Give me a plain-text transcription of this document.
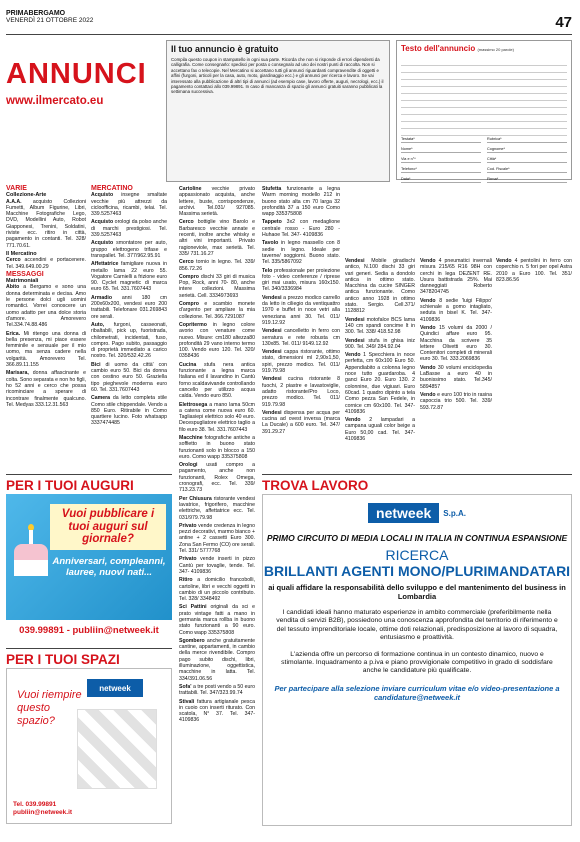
PRIMABERGAMO
VENERDÌ 21 OTTOBRE 2022	47
ANNUNCI
www.ilmercato.eu
Il tuo annuncio è gratuito
Compila questo coupon in stampatello in ogni sua parte. Ricorda che non si risponde di errori dipendenti da calligrafia. Come consegnarlo: spedisci per posta o consegnalo ad uno dei nostri punti di raccolta. Non si accettano fax o telecopie. Nel Mercatino si accettano tutti gli annunci riguardanti compravendite di oggetti e affini (furgoni, articoli per la casa, auto, moto, giardinaggio ecc.) e gli annunci per ricerca e lavoro. Se vai interessato alla pubblicazione di altri tipi di annunci (ad esempio case, lavoro offerte, auguri, necrologi, ecc.) il pagamento contattaci allo 039.99891. In caso di mancanza di spazio gli annunci gratuiti saranno pubblicati la settimana successiva.
Testo dell'annuncio (massimo 20 parole)
Testata*	Rubrica*
Nome*	Cognome*
Via e n°*	Città*
Telefono*	Cod. Fiscale*
Data*	Firma*
VARIE
Collezione-Arte

A.A.A. acquisto Collezioni Fumetti, Album Figurine, Libri, Macchine Fotografiche Lego, DVD, Modellini Auto, Robot Giapponesi, Trenini, Soldatini, riviste ecc. ritiro in città, pagamento in contanti. Tel. 328/ 771.70.61.

Il Mercatino

Cerco accendini e portacenere. Tel. 349.649.00.29

MESSAGGI
Matrimoniali

Abito a Bergamo e sono una donna determinata e decisa. Amo le persone dolci ugli uomini romantici. Vorrei conoscere un uomo adatto per una dolce storia d'amore. Amorevero Tel.334.74.88.486

Erica. Mi ritengo una donna di bella presenza, mi piace essere femminile e sensuale per il mio uomo, ma senza cadere nella volgarità. Amorevero Tel. 366.89.11.155

Marisara, donna affascinante e colta. Sono separata e non ho figli, ho 52 anni e cerco che possa ricominciare a sperare di incontrare finalmente qualcuno. Tel. Medyas 333.12.31.563

MERCATINO

Acquisto insegne smaltate vecchie più attrezzi da cicloofficina, ricambi, telai. Tel. 339.5257463

Acquisto orologi da polso anche di marchi prestigiosi. Tel. 339.5257463

Acquisto smontatore per auto, gruppo elettrogeno trifase e transpallet. Tel. 377/962.95.91

Affettatrice famigliare nuova in metallo lama 22 euro 55. Vogatore Carnielli a frizione euro 90. Cyclet magnetic di marca euro 65. Tel. 331.7607443

Armadio anni 180 cm 200x60x200, vendesi euro 200 trattabili. Telefonare 031.269843 ore serali.

Auto, furgoni, casseonati, ribaltabili, pick up, fuoristrada, chilometrati, incidentati, fuso, compro. Pago subito, passaggio di proprietà immediato a carico nostro. Tel. 320/532.42.26

Bici di uomo da città' con cambio euro 50. Bici da donna con cestino euro 50. Graziella tipo pieghevole moderna euro 60. Tel. 331.7607443

Camera da letto completa stile Como stile chippendale. Vendo a 850 Euro. Ritirabile in Como quartiere lucino. Foto whatsapp 3337474485

Cartoline vecchie privato appassionato acquista, anche lettere, buste, corrispondenze, archivi. Tel.031/ 927085. Massima serietà.

Cerco bottiglie vino Barolo e Barbaresco vecchie annate e recenti, inoltre anche whisky e altri vini importanti. Privato ragioneviole, max serietà. Tel. 335/ 731.16.27

Cerco tornio in legno. Tel. 339/ 856.72.26

Compro dischi 33 giri di musica Pop, Rock, anni 70- 80, anche intere collezioni. Massima serietà. Cell. 3334973693

Compro e scambio monete d'argento per ampliare la mia collezione. Tel. 366.7291087

Copritermo in legno colore avorio con venature come nuovo. Misure: cm180 altezza80 profondità 29 vano interno termo 100. Vendo euro 120. Tel. 320/ 0358436

Cucina stufa nera antica funzionante a legna marca Italiana ed il lavandino in Cantù forno scaldavivande controllando cancello per utilizzo acqua calda. Vendo euro 850.

Elettrosega a mano lama 50cm a catena come nuova euro 60. Tagliasiepi elettrico solo 40 euro. Decespugliatore elettrico taglio a filo euro 38. Tel. 331.7607443

Macchine fotografiche antiche a soffietto in buono stato funzionanti solo in blocco a 150 euro. Como wapp 335375808

Orologi usati compro a pagamento, anche non funzionanti, Rolex Omega, cronografi, ecc. Tel. 339/ 713.23.73

Per Chiusura ristorante vendesi lavatrice, frigorifero, macchine elettriche, affettatrice ecc. Tel. 031/979.79.98

Privato vende credenza in legno pezzi decorativi, marmo bianco + antine + 2 cassetti Euro 300. Zona San Fermo (CO) ore serali. Tel. 331/ 5777768

Privato vende inserti in pizzo Cantù per tovaglie, tende. Tel. 347- 4109836

Ritiro a domicilio francobolli, cartoline, libri e vecchi oggetti in cambio di un piccolo contributo. Tel. 328/ 3348492

Sci Pattini originali da sci e prato vintage fatti a mano in germania marca rollba in buono stato funzionanti a 90 euro. Como wapp 335375808

Sgombero anche gratuitamente cantine, appartamenti, in cambio della merce rivendibile. Compro pago subito dischi, libri, illuminazione, oggettistica, macchine in latta. Tel. 334/391.06.56

Sofa' a tre posti vendo a 50 euro trattabili. Tel. 347/323.99.74

Stivali fattura artigianale pesca in cuoio con inserti riturato. Con scatola, N° 37. Tel. 347- 4109836

Stufetta funzionante a legna Warm morning modello 212 in buono stato alta cm 70 larga 32 profondità 37 a 150 euro Como wapp 335375808

Tappeto 3x2 con medaglione centrale rosso - Euro 280 - Huhaoe Tel. 347- 4109836

Tavolo in legno massello con 8 sedie in legno. Ideale per taverne/ soggiorni. Buono stato. Tel. 335/5867092

Telo professionale per proiezione foto - video conferenze / riprese giri mai usato, misura 160x150. Tel. 340/3336984

Vendesi a prezzo modico carrello da letto in ciliegio da ventiquattro 1970 e buffet in noce vetri alla veneziana anni 30. Tel. 011/ 919.12.92

Vendesi cancelletto in ferro con serratura e rete robusta cm 130x85. Tel. 011/ 9149.12.92

Vendesi cappa ristorante, ottimo stato, dimensioni ml 2,90x1,50, spiri, prezzo modico. Tel. 011/ 919.79.98

Vendesi cucina ristorante 8 fuochi, 2 piastre e lavastoviglie, adatto ristorante/Pro Loco, prezzo modico. Tel. 011/ 919.79.98

Vendesi dispensa per acqua per cucina ad ovest inversa (marca La Ducale) a 600 euro. Tel. 347/ 391.29.27

Vendesi Mobile giradischi antico, N.100 dischi 33 giri vari generi. Sedia a dondolo antica in ottimo stato. Macchina da cucire SINGER antica funzionante. Como antico anno 1928 in ottimo stato. Sergio. Cell.371/ 1128812

Vendesi motofalce BCS lama 140 cm spandi concime lt in 300. Tel. 338/ 418.52.98

Vendesi stufa in ghisa iniz 900. Tel. 349/ 284.92.04

Vendo 1 Specchiera in noce perfetta, cm 60x100 Euro 50. Appendiabito a colonna legno noce tutto guardaroba. 4 ganci Euro 20. Euro 130. 2 colonnine, due vigiuari. Euro 60cad. 1 quadro dipinto a tela Como pezza San Fedele, in cornice cm 60x100. Tel. 347- 4109836

Vendo 2 lampadari a campana uguali color beige a Euro 50,00 cad. Tel. 347- 4109836

Vendo 4 pneumatici invernali misura 215/65 R16 98H con cerchi in lega DEZENT RE. Usura battistrada 25%. Mai danneggiati Roberto 3478204745

Vendo 8 sedie 'luigi Filippo' schienale a gomo intagliato, seduta in bisel K. Tel. 347- 4109836

Vendo 15 volumi da 2000 / Quindici affare euro 95. Macchina da scrivere 35 lettere Olivetti euro 30. Contenitori completi di minerali euro 30. Tel. 333.2069836

Vendo 30 volumi enciclopedia LaBasse a euro 40 in buonissimo stato. Tel.345/ 5894857

Vendo e euro 100 trio in rasina capoccia trio 500. Tel. 339/ 593.72.87

Vendo 4 pentolini in ferro con coperchio n. 5 fori per opel Astra 2010 a Euro 100. Tel. 351/ 823.86.56

PER I TUOI AUGURI
Vuoi pubblicare i tuoi auguri sul giornale?
Anniversari, compleanni, lauree, nuovi nati...
039.99891 - publiin@netweek.it
PER I TUOI SPAZI
Vuoi riempire questo spazio?
netweek
Tel. 039.99891
publiin@netweek.it
TROVA LAVORO
netweek	S.p.A.
PRIMO CIRCUITO DI MEDIA LOCALI IN ITALIA IN CONTINUA ESPANSIONE
RICERCA
BRILLANTI AGENTI MONO/PLURIMANDATARI
ai quali affidare la responsabilità dello sviluppo e del mantenimento del business in Lombardia
I candidati ideali hanno maturato esperienze in ambito commerciale (preferibilmente nella vendita di servizi B2B), possiedono una conoscenza approfondita del territorio di riferimento e del tessuto imprenditoriale locale, ottime doti relazionali, predisposizione al lavoro di squadra, entusiasmo e proattività.
L'azienda offre un percorso di formazione continua in un contesto dinamico, nuovo e stimolante. Inquadramento a p.iva e piano provvigionale competitivo in grado di soddisfare anche le candidature più qualificate.
Per partecipare alla selezione inviare curriculum vitae e/o video-presentazione a candidature@netweek.it
